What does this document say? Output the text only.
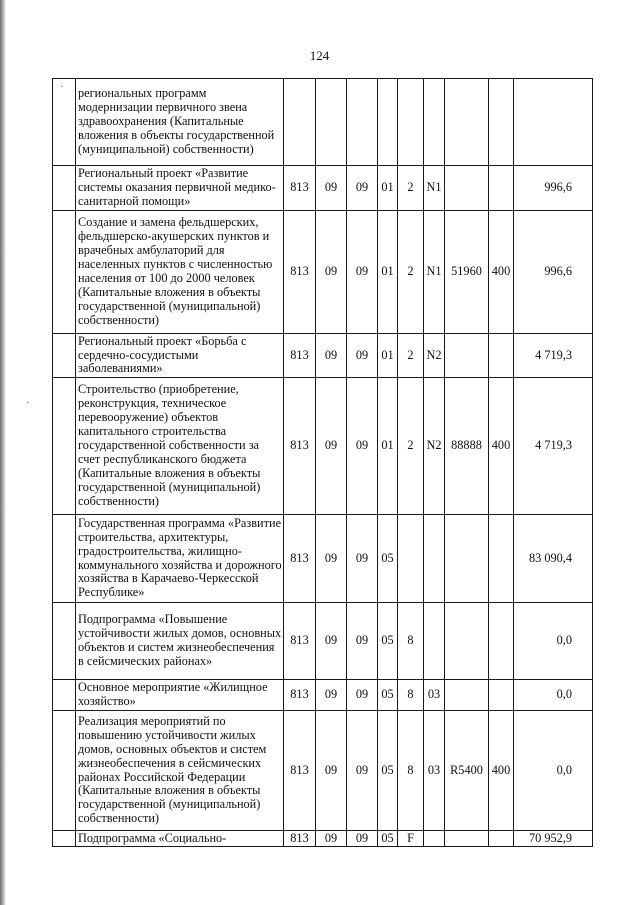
124
·
·
	региональных программ модернизации первичного звена здравоохранения (Капитальные вложения в объекты государственной (муниципальной) собственности)									
	Региональный проект «Развитие системы оказания первичной медико-санитарной помощи»	813	09	09	01	2	N1			996,6
	Создание и замена фельдшерских, фельдшерско-акушерских пунктов и врачебных амбулаторий для населенных пунктов с численностью населения от 100 до 2000 человек (Капитальные вложения в объекты государственной (муниципальной) собственности)	813	09	09	01	2	N1	51960	400	996,6
	Региональный проект «Борьба с сердечно-сосудистыми заболеваниями»	813	09	09	01	2	N2			4 719,3
	Строительство (приобретение, реконструкция, техническое перевооружение) объектов капитального строительства государственной собственности за счет республиканского бюджета (Капитальные вложения в объекты государственной (муниципальной) собственности)	813	09	09	01	2	N2	88888	400	4 719,3
	Государственная программа «Развитие строительства, архитектуры, градостроительства, жилищно-коммунального хозяйства и дорожного хозяйства в Карачаево-Черкесской Республике»	813	09	09	05					83 090,4
	Подпрограмма «Повышение устойчивости жилых домов, основных объектов и систем жизнеобеспечения в сейсмических районах»	813	09	09	05	8				0,0
	Основное мероприятие «Жилищное хозяйство»	813	09	09	05	8	03			0,0
	Реализация мероприятий по повышению устойчивости жилых домов, основных объектов и систем жизнеобеспечения в сейсмических районах Российской Федерации (Капитальные вложения в объекты государственной (муниципальной) собственности)	813	09	09	05	8	03	R5400	400	0,0
	Подпрограмма «Социально-	813	09	09	05	F				70 952,9
